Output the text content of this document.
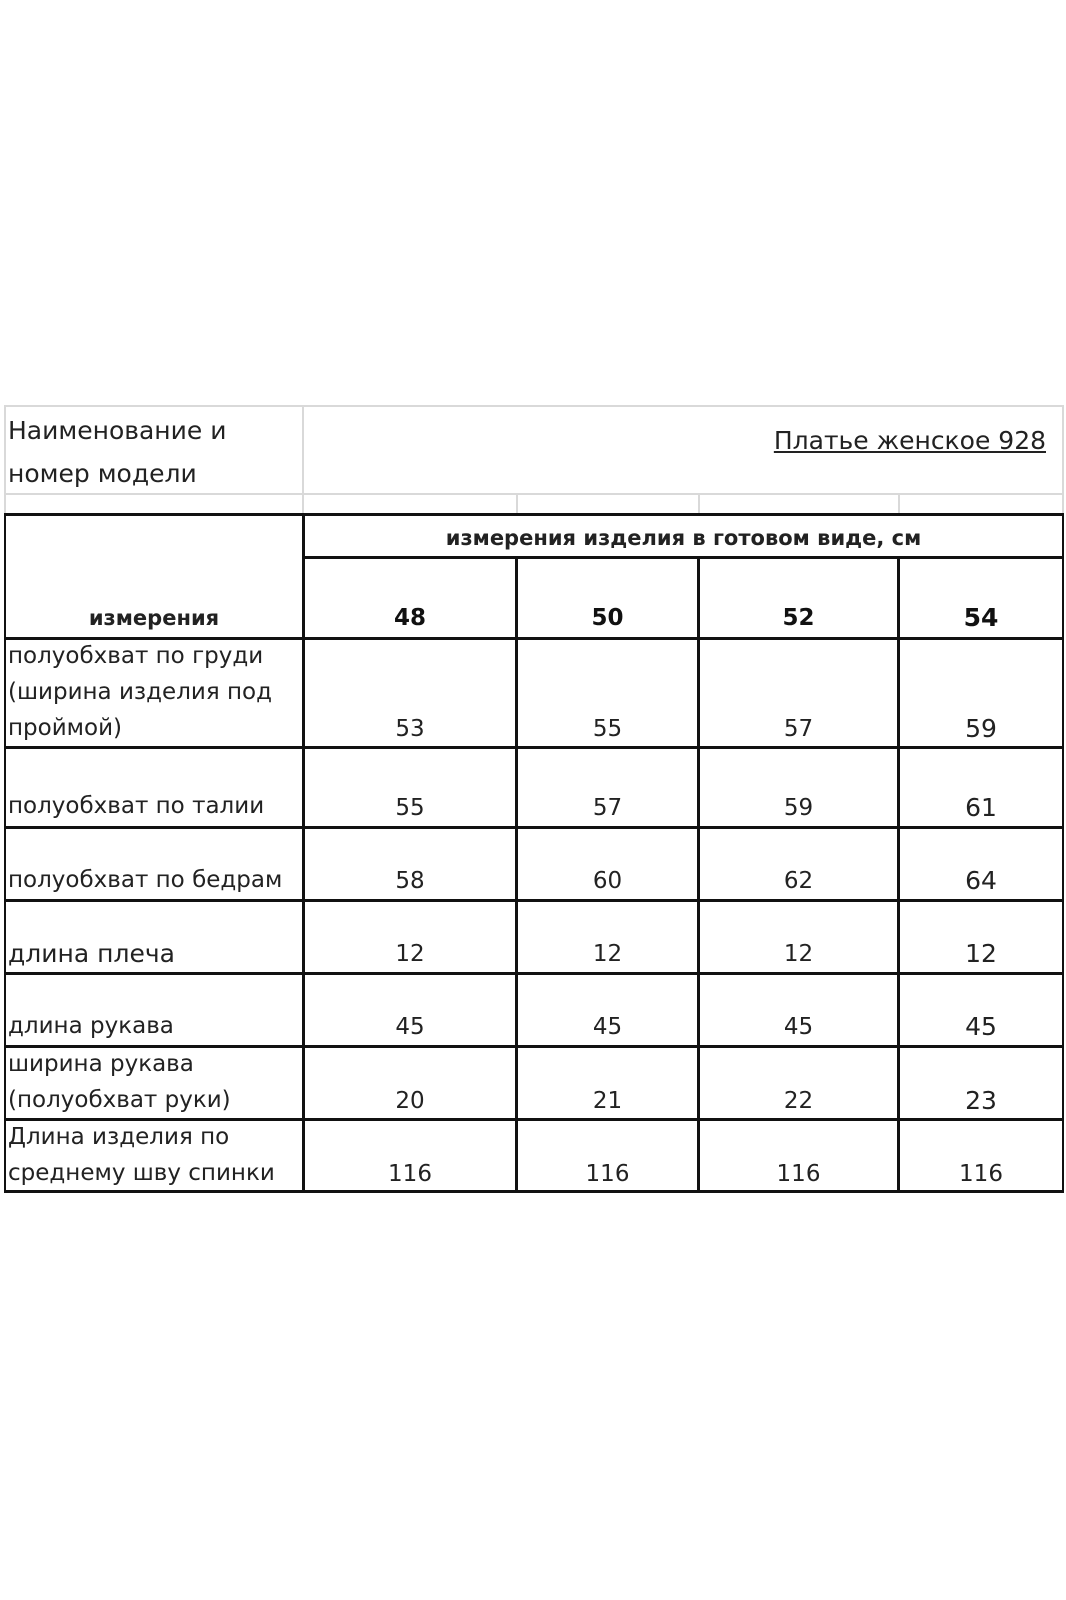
Наименование и
номер модели
Платье женское 928
измерения изделия в готовом виде, см
измерения	48	50	52	54
полуобхват по груди
(ширина изделия под
проймой)	53	55	57	59
полуобхват по талии	55	57	59	61
полуобхват по бедрам	58	60	62	64
длина плеча	12	12	12	12
длина рукава	45	45	45	45
ширина рукава
(полуобхват руки)	20	21	22	23
Длина изделия по
среднему шву спинки	116	116	116	116
